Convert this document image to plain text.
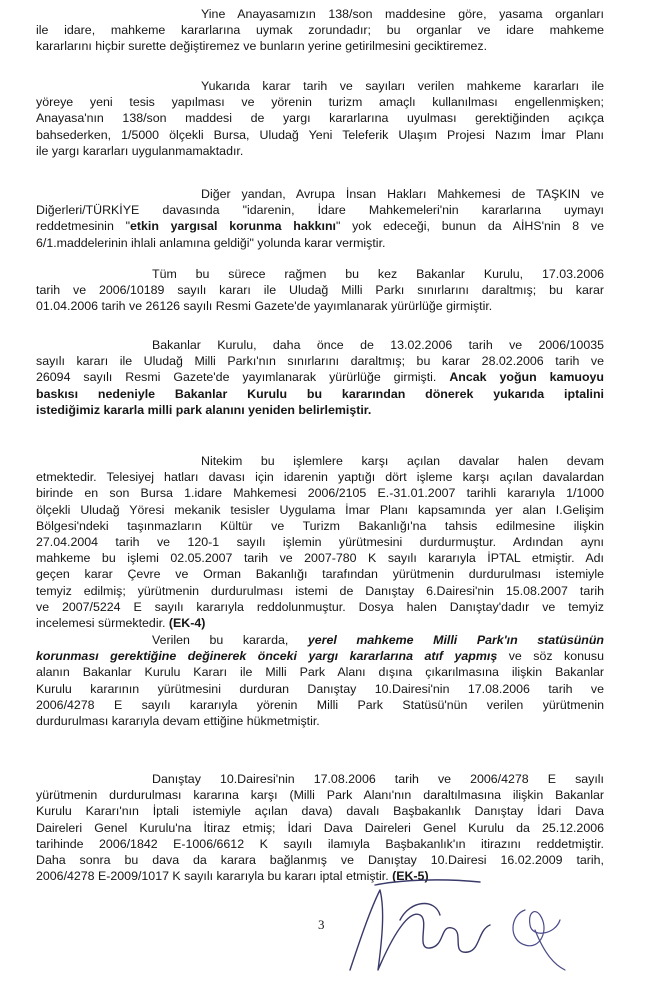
Yine Anayasamızın 138/son maddesine göre, yasama organları
ile idare, mahkeme kararlarına uymak zorundadır; bu organlar ve idare mahkeme
kararlarını hiçbir surette değiştiremez ve bunların yerine getirilmesini geciktiremez.
Yukarıda karar tarih ve sayıları verilen mahkeme kararları ile
yöreye yeni tesis yapılması ve yörenin turizm amaçlı kullanılması engellenmişken;
Anayasa'nın 138/son maddesi de yargı kararlarına uyulması gerektiğinden açıkça
bahsederken, 1/5000 ölçekli Bursa, Uludağ Yeni Teleferik Ulaşım Projesi Nazım İmar Planı
ile yargı kararları uygulanmamaktadır.
Diğer yandan, Avrupa İnsan Hakları Mahkemesi de TAŞKIN ve
Diğerleri/TÜRKİYE davasında "idarenin, İdare Mahkemeleri'nin kararlarına uymayı
reddetmesinin "etkin yargısal korunma hakkını" yok edeceği, bunun da AİHS'nin 8 ve
6/1.maddelerinin ihlali anlamına geldiği" yolunda karar vermiştir.
Tüm bu sürece rağmen bu kez Bakanlar Kurulu, 17.03.2006
tarih ve 2006/10189 sayılı kararı ile Uludağ Milli Parkı sınırlarını daraltmış; bu karar
01.04.2006 tarih ve 26126 sayılı Resmi Gazete'de yayımlanarak yürürlüğe girmiştir.
Bakanlar Kurulu, daha önce de 13.02.2006 tarih ve 2006/10035
sayılı kararı ile Uludağ Milli Parkı'nın sınırlarını daraltmış; bu karar 28.02.2006 tarih ve
26094 sayılı Resmi Gazete'de yayımlanarak yürürlüğe girmişti. Ancak yoğun kamuoyu
baskısı nedeniyle Bakanlar Kurulu bu kararından dönerek yukarıda iptalini
istediğimiz kararla milli park alanını yeniden belirlemiştir.
Nitekim bu işlemlere karşı açılan davalar halen devam
etmektedir. Telesiyej hatları davası için idarenin yaptığı dört işleme karşı açılan davalardan
birinde en son Bursa 1.idare Mahkemesi 2006/2105 E.-31.01.2007 tarihli kararıyla 1/1000
ölçekli Uludağ Yöresi mekanik tesisler Uygulama İmar Planı kapsamında yer alan I.Gelişim
Bölgesi'ndeki taşınmazların Kültür ve Turizm Bakanlığı'na tahsis edilmesine ilişkin
27.04.2004 tarih ve 120-1 sayılı işlemin yürütmesini durdurmuştur. Ardından aynı
mahkeme bu işlemi 02.05.2007 tarih ve 2007-780 K sayılı kararıyla İPTAL etmiştir. Adı
geçen karar Çevre ve Orman Bakanlığı tarafından yürütmenin durdurulması istemiyle
temyiz edilmiş; yürütmenin durdurulması istemi de Danıştay 6.Dairesi'nin 15.08.2007 tarih
ve 2007/5224 E sayılı kararıyla reddolunmuştur. Dosya halen Danıştay'dadır ve temyiz
incelemesi sürmektedir. (EK-4)
Verilen bu kararda, yerel mahkeme Milli Park'ın statüsünün
korunması gerektiğine değinerek önceki yargı kararlarına atıf yapmış ve söz konusu
alanın Bakanlar Kurulu Kararı ile Milli Park Alanı dışına çıkarılmasına ilişkin Bakanlar
Kurulu kararının yürütmesini durduran Danıştay 10.Dairesi'nin 17.08.2006 tarih ve
2006/4278 E sayılı kararıyla yörenin Milli Park Statüsü'nün verilen yürütmenin
durdurulması kararıyla devam ettiğine hükmetmiştir.
Danıştay 10.Dairesi'nin 17.08.2006 tarih ve 2006/4278 E sayılı
yürütmenin durdurulması kararına karşı (Milli Park Alanı'nın daraltılmasına ilişkin Bakanlar
Kurulu Kararı'nın İptali istemiyle açılan dava) davalı Başbakanlık Danıştay İdari Dava
Daireleri Genel Kurulu'na İtiraz etmiş; İdari Dava Daireleri Genel Kurulu da 25.12.2006
tarihinde 2006/1842 E-1006/6612 K sayılı ilamıyla Başbakanlık'ın itirazını reddetmiştir.
Daha sonra bu dava da karara bağlanmış ve Danıştay 10.Dairesi 16.02.2009 tarih,
2006/4278 E-2009/1017 K sayılı kararıyla bu kararı iptal etmiştir. (EK-5)
3
